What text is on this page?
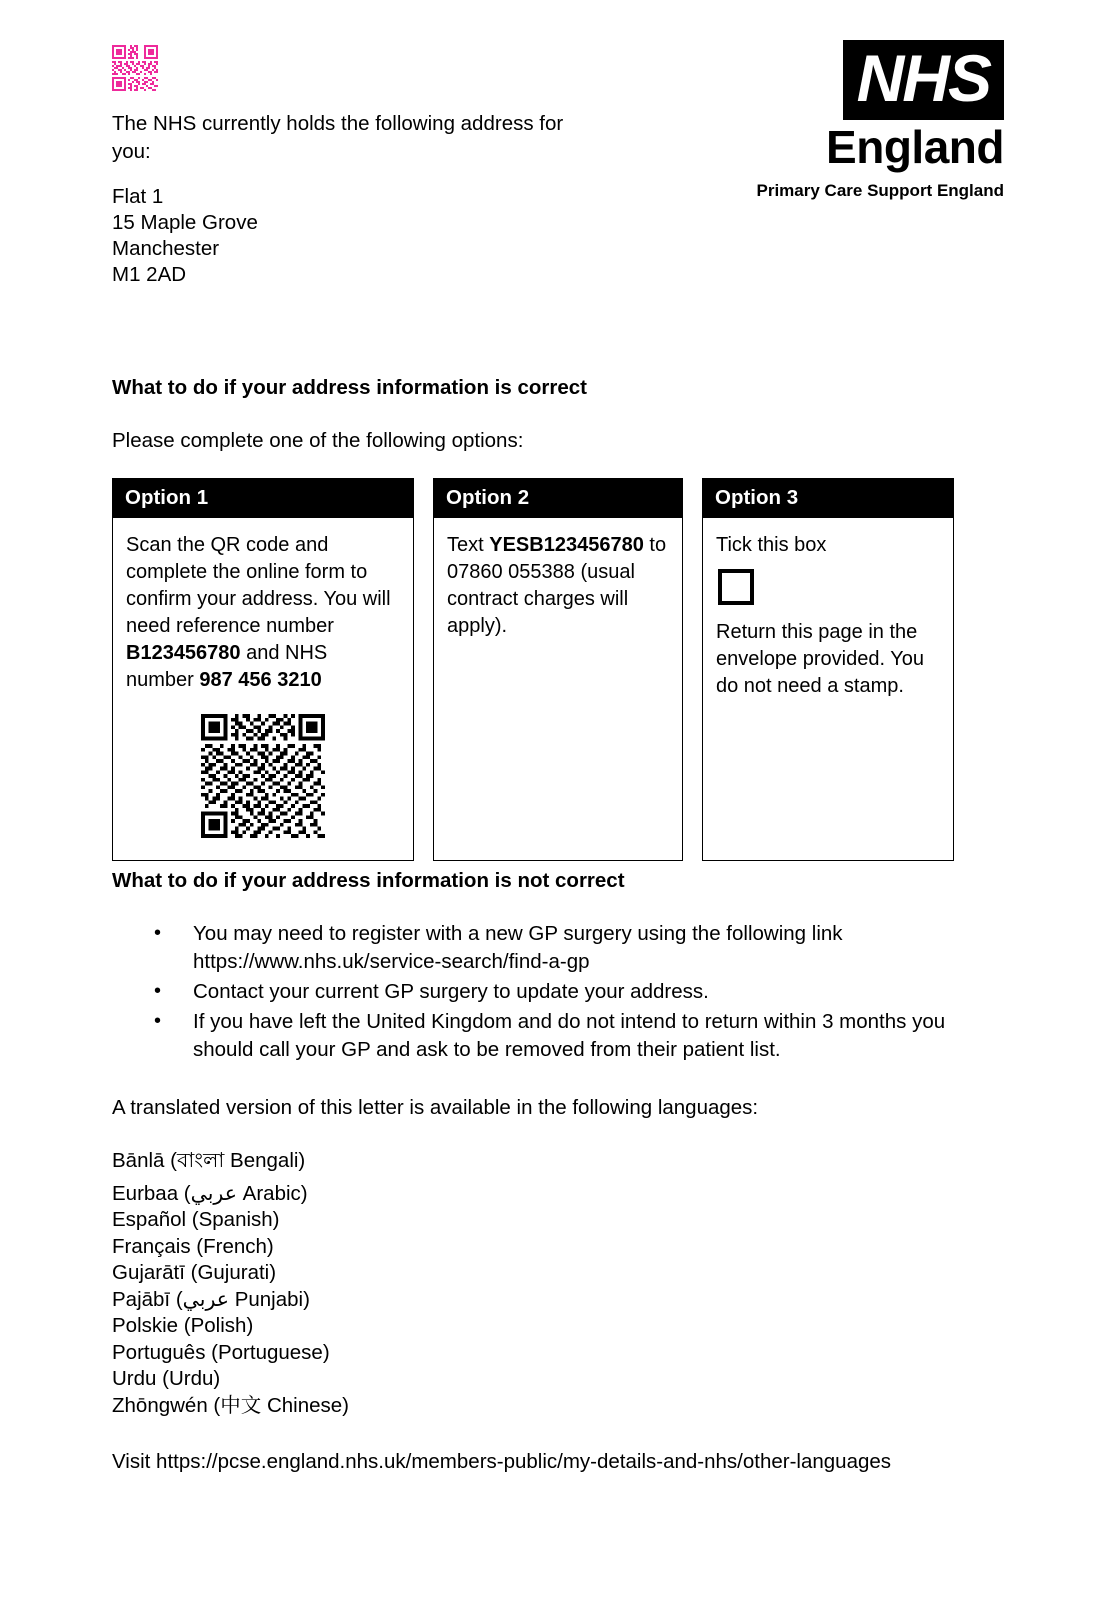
NHS
England
Primary Care Support England
The NHS currently holds the following address for you:
Flat 1
15 Maple Grove
Manchester
M1 2AD
What to do if your address information is correct
Please complete one of the following options:
Option 1
Scan the QR code and complete the online form to confirm your address. You will need reference number B123456780 and NHS number 987 456 3210
Option 2
Text YESB123456780 to 07860 055388 (usual contract charges will apply).
Option 3
Tick this box
Return this page in the envelope provided. You do not need a stamp.
What to do if your address information is not correct
• You may need to register with a new GP surgery using the following link https://www.nhs.uk/service-search/find-a-gp
• Contact your current GP surgery to update your address.
• If you have left the United Kingdom and do not intend to return within 3 months you should call your GP and ask to be removed from their patient list.
A translated version of this letter is available in the following languages:
Bānlā (বাংলা Bengali)
Eurbaa (عربي Arabic)
Español (Spanish)
Français (French)
Gujarātī (Gujurati)
Pajābī (عربي Punjabi)
Polskie (Polish)
Português (Portuguese)
Urdu (Urdu)
Zhōngwén (中文 Chinese)
Visit https://pcse.england.nhs.uk/members-public/my-details-and-nhs/other-languages
